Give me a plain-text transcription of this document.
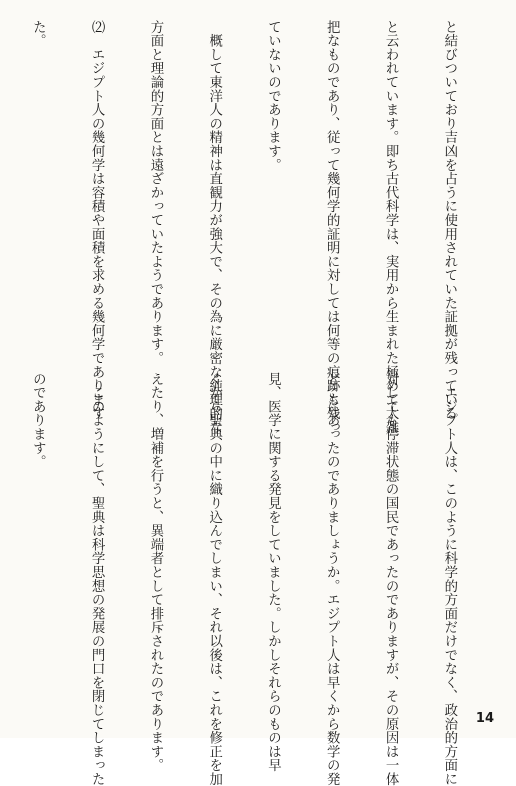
と結びついており吉凶を占うに使用されていた証拠が残っている

と云われています。即ち古代科学は、実用から生まれた極めて大雑

把なものであり、従って幾何学的証明に対しては何等の痕跡も残っ

ていないのであります。

　概して東洋人の精神は直観力が強大で、その為に厳密な純理的な

方面と理論的方面とは遠ざかっていたようであります。

⑵　エジプト人の幾何学は容積や面積を求める幾何学であります

た。

　エジプト人は、このように科学的方面だけでなく、政治的方面に

対しても停滞状態の国民であったのでありますが、その原因は一体

どこにあったのでありましょうか。エジプト人は早くから数学の発

見、医学に関する発見をしていました。しかしそれらのものは早

くから聖典の中に織り込んでしまい、それ以後は、これを修正を加

えたり、増補を行うと、異端者として排斥されたのであります。

　このようにして、聖典は科学思想の発展の門口を閉じてしまった

のであります。

14
